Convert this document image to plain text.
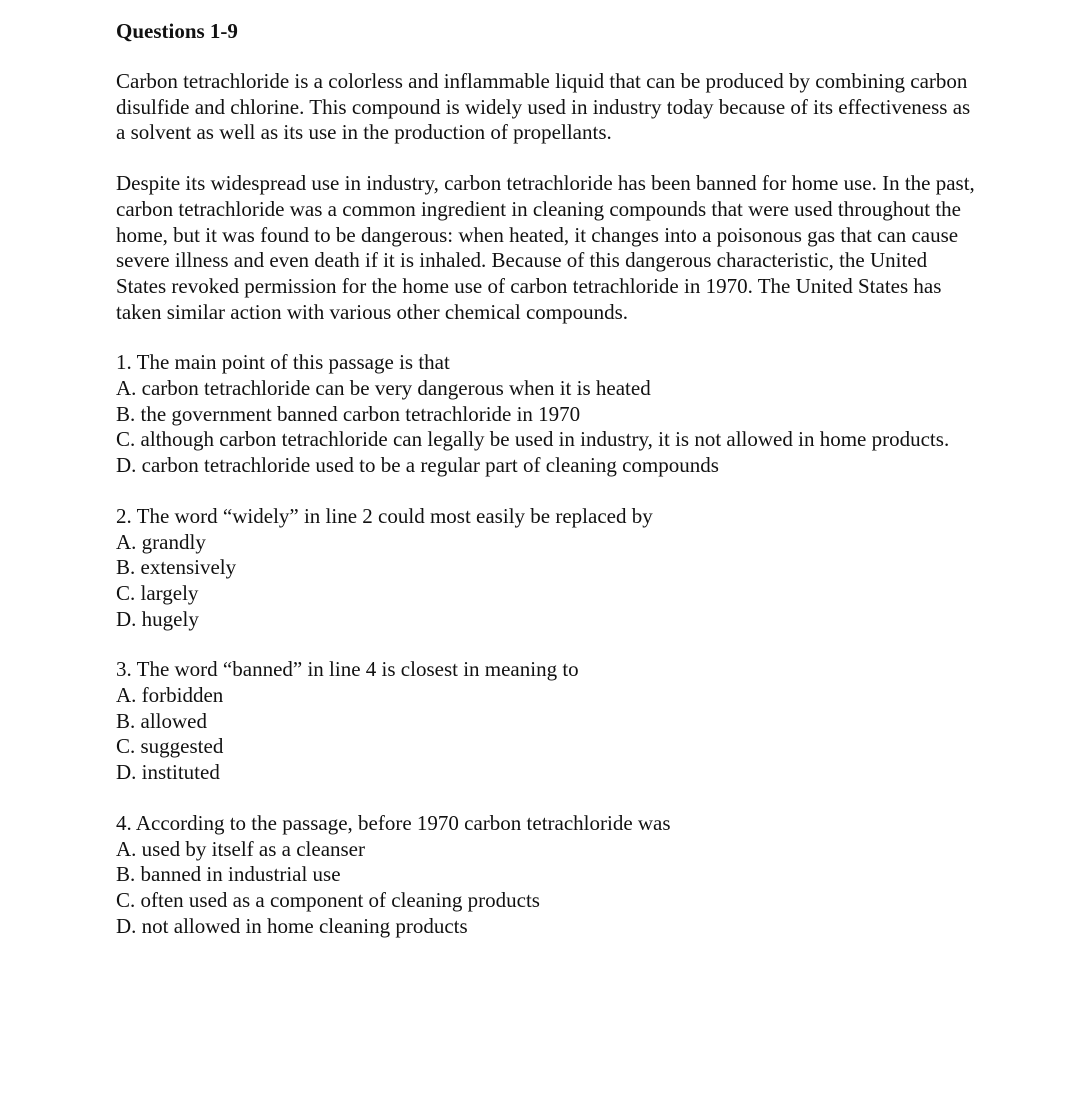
Questions 1-9

Carbon tetrachloride is a colorless and inflammable liquid that can be produced by combining carbon disulfide and chlorine. This compound is widely used in industry today because of its effectiveness as a solvent as well as its use in the production of propellants.

Despite its widespread use in industry, carbon tetrachloride has been banned for home use. In the past, carbon tetrachloride was a common ingredient in cleaning compounds that were used throughout the home, but it was found to be dangerous: when heated, it changes into a poisonous gas that can cause severe illness and even death if it is inhaled. Because of this dangerous characteristic, the United States revoked permission for the home use of carbon tetrachloride in 1970. The United States has taken similar action with various other chemical compounds.

1. The main point of this passage is that
A. carbon tetrachloride can be very dangerous when it is heated
B. the government banned carbon tetrachloride in 1970
C. although carbon tetrachloride can legally be used in industry, it is not allowed in home products.
D. carbon tetrachloride used to be a regular part of cleaning compounds
2. The word “widely” in line 2 could most easily be replaced by
A. grandly
B. extensively
C. largely
D. hugely
3. The word “banned” in line 4 is closest in meaning to
A. forbidden
B. allowed
C. suggested
D. instituted
4. According to the passage, before 1970 carbon tetrachloride was
A. used by itself as a cleanser
B. banned in industrial use
C. often used as a component of cleaning products
D. not allowed in home cleaning products
